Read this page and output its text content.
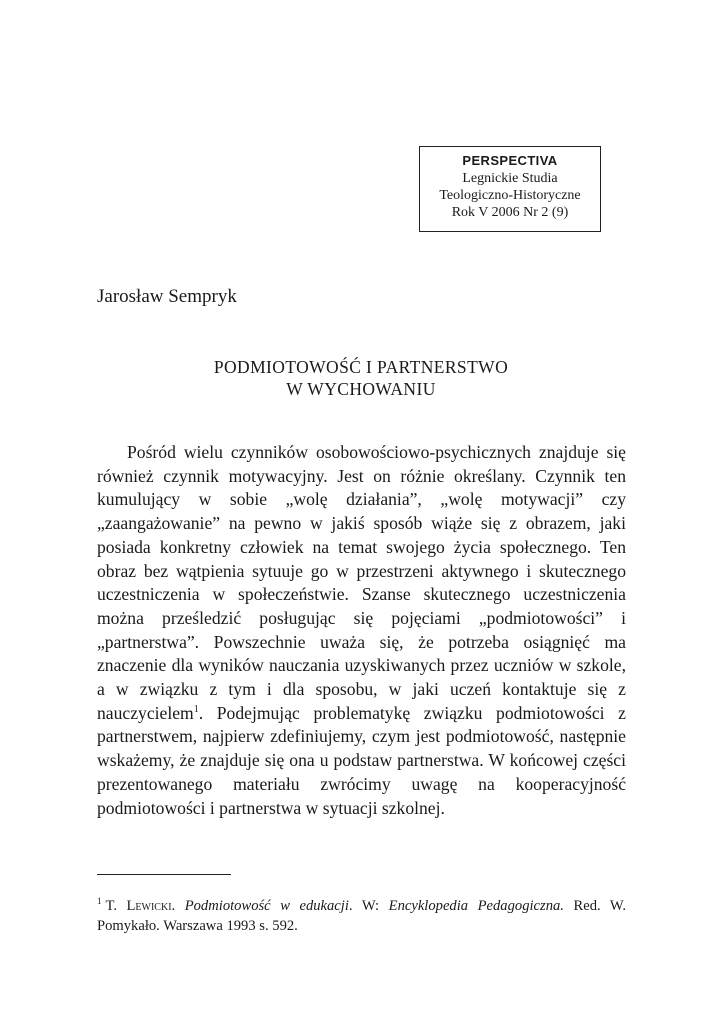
PERSPECTIVA
Legnickie Studia
Teologiczno-Historyczne
Rok V 2006 Nr 2 (9)
Jarosław Sempryk
PODMIOTOWOŚĆ I PARTNERSTWO
W WYCHOWANIU

Pośród wielu czynników osobowościowo-psychicznych znajduje się również czynnik motywacyjny. Jest on różnie określany. Czynnik ten kumulujący w sobie „wolę działania”, „wolę motywacji” czy „zaangażowanie” na pewno w jakiś sposób wiąże się z obrazem, jaki posiada konkretny człowiek na temat swojego życia społecznego. Ten obraz bez wątpienia sytuuje go w przestrzeni aktywnego i skutecznego uczestniczenia w społeczeństwie. Szanse skutecznego uczestniczenia można prześledzić posługując się pojęciami „podmiotowości” i „partnerstwa”. Powszechnie uważa się, że potrzeba osiągnięć ma znaczenie dla wyników nauczania uzyskiwanych przez uczniów w szkole, a w związku z tym i dla sposobu, w jaki uczeń kontaktuje się z nauczycielem$^1$. Podejmując problematykę związku podmiotowości z partnerstwem, najpierw zdefiniujemy, czym jest podmiotowość, następnie wskażemy, że znajduje się ona u podstaw partnerstwa. W końcowej części prezentowanego materiału zwrócimy uwagę na kooperacyjność podmiotowości i partnerstwa w sytuacji szkolnej.

$^1$ T. Lewicki. Podmiotowość w edukacji. W: Encyklopedia Pedagogiczna. Red. W. Pomykało. Warszawa 1993 s. 592.
